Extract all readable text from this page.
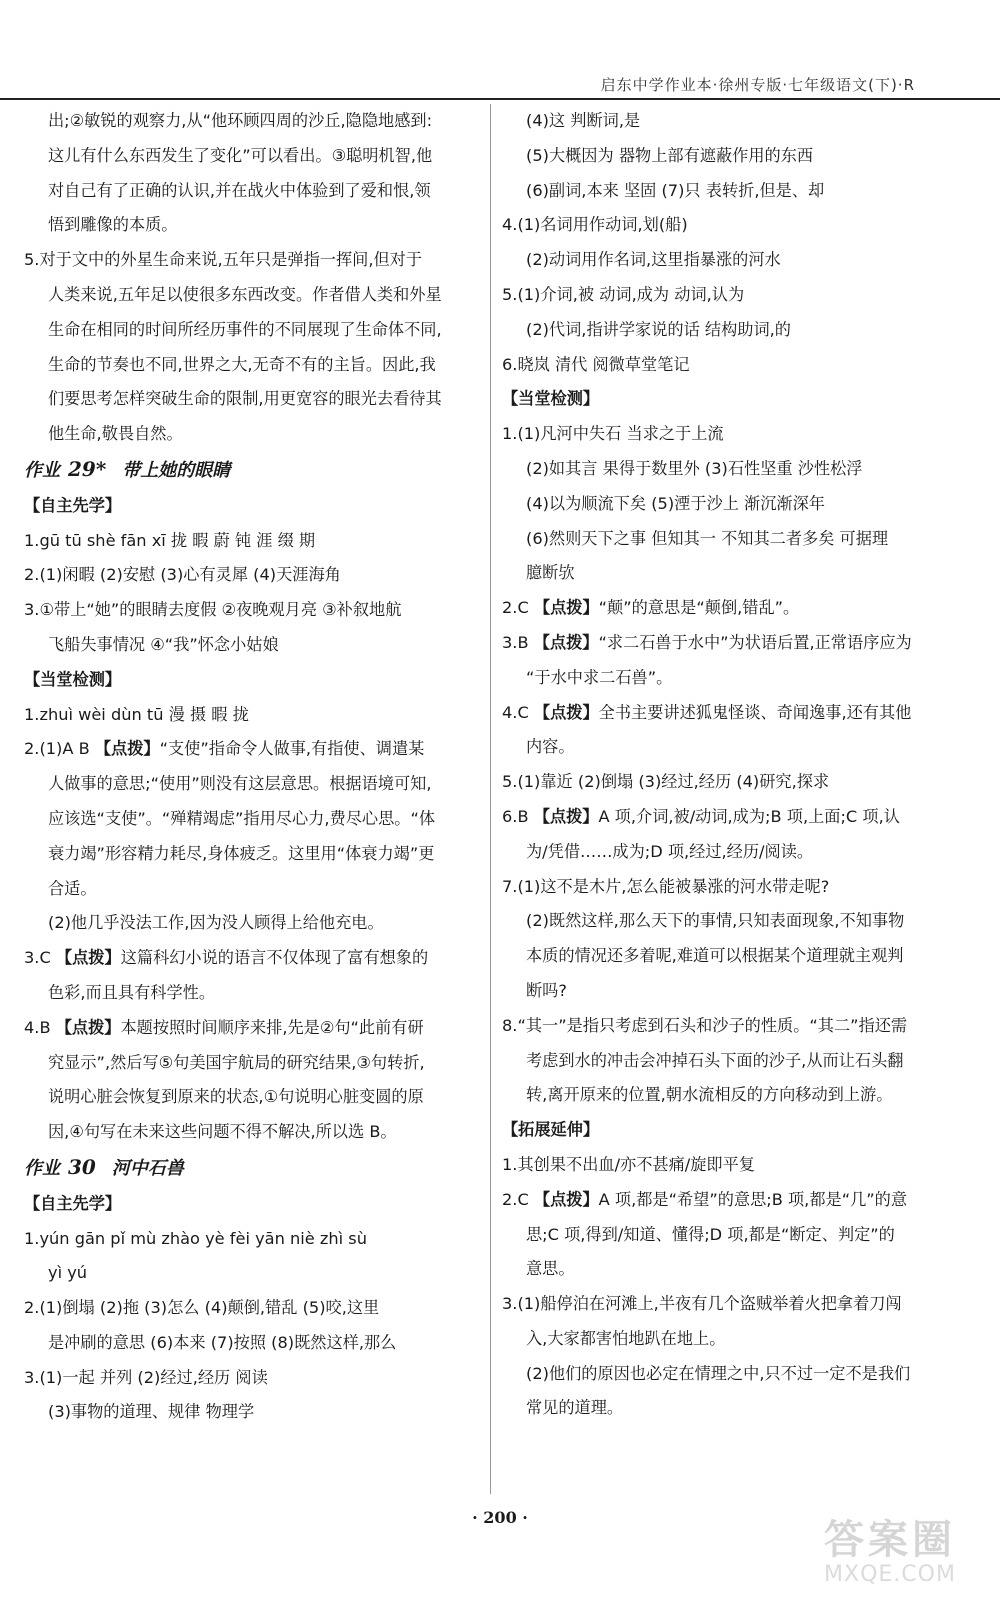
启东中学作业本·徐州专版·七年级语文(下)·R
出;②敏锐的观察力,从“他环顾四周的沙丘,隐隐地感到:
这儿有什么东西发生了变化”可以看出。③聪明机智,他
对自己有了正确的认识,并在战火中体验到了爱和恨,领
悟到雕像的本质。
5.对于文中的外星生命来说,五年只是弹指一挥间,但对于
人类来说,五年足以使很多东西改变。作者借人类和外星
生命在相同的时间所经历事件的不同展现了生命体不同,
生命的节奏也不同,世界之大,无奇不有的主旨。因此,我
们要思考怎样突破生命的限制,用更宽容的眼光去看待其
他生命,敬畏自然。
作业 29* 带上她的眼睛
【自主先学】
1.gū tū shè fān xī 拢 暇 蔚 钝 涯 缀 期
2.(1)闲暇 (2)安慰 (3)心有灵犀 (4)天涯海角
3.①带上“她”的眼睛去度假 ②夜晚观月亮 ③补叙地航
飞船失事情况 ④“我”怀念小姑娘
【当堂检测】
1.zhuì wèi dùn tū 漫 摄 暇 拢
2.(1)A B 【点拨】“支使”指命令人做事,有指使、调遣某
人做事的意思;“使用”则没有这层意思。根据语境可知,
应该选“支使”。“殚精竭虑”指用尽心力,费尽心思。“体
衰力竭”形容精力耗尽,身体疲乏。这里用“体衰力竭”更
合适。
(2)他几乎没法工作,因为没人顾得上给他充电。
3.C 【点拨】这篇科幻小说的语言不仅体现了富有想象的
色彩,而且具有科学性。
4.B 【点拨】本题按照时间顺序来排,先是②句“此前有研
究显示”,然后写⑤句美国宇航局的研究结果,③句转折,
说明心脏会恢复到原来的状态,①句说明心脏变圆的原
因,④句写在未来这些问题不得不解决,所以选 B。
作业 30 河中石兽
【自主先学】
1.yún gān pǐ mù zhào yè fèi yān niè zhì sù
yì yú
2.(1)倒塌 (2)拖 (3)怎么 (4)颠倒,错乱 (5)咬,这里
是冲刷的意思 (6)本来 (7)按照 (8)既然这样,那么
3.(1)一起 并列 (2)经过,经历 阅读
(3)事物的道理、规律 物理学
(4)这 判断词,是
(5)大概因为 器物上部有遮蔽作用的东西
(6)副词,本来 坚固 (7)只 表转折,但是、却
4.(1)名词用作动词,划(船)
(2)动词用作名词,这里指暴涨的河水
5.(1)介词,被 动词,成为 动词,认为
(2)代词,指讲学家说的话 结构助词,的
6.晓岚 清代 阅微草堂笔记
【当堂检测】
1.(1)凡河中失石 当求之于上流
(2)如其言 果得于数里外 (3)石性坚重 沙性松浮
(4)以为顺流下矣 (5)湮于沙上 渐沉渐深年
(6)然则天下之事 但知其一 不知其二者多矣 可据理
臆断欤
2.C 【点拨】“颠”的意思是“颠倒,错乱”。
3.B 【点拨】“求二石兽于水中”为状语后置,正常语序应为
“于水中求二石兽”。
4.C 【点拨】全书主要讲述狐鬼怪谈、奇闻逸事,还有其他
内容。
5.(1)靠近 (2)倒塌 (3)经过,经历 (4)研究,探求
6.B 【点拨】A 项,介词,被/动词,成为;B 项,上面;C 项,认
为/凭借……成为;D 项,经过,经历/阅读。
7.(1)这不是木片,怎么能被暴涨的河水带走呢?
(2)既然这样,那么天下的事情,只知表面现象,不知事物
本质的情况还多着呢,难道可以根据某个道理就主观判
断吗?
8.“其一”是指只考虑到石头和沙子的性质。“其二”指还需
考虑到水的冲击会冲掉石头下面的沙子,从而让石头翻
转,离开原来的位置,朝水流相反的方向移动到上游。
【拓展延伸】
1.其创果不出血/亦不甚痛/旋即平复
2.C 【点拨】A 项,都是“希望”的意思;B 项,都是“几”的意
思;C 项,得到/知道、懂得;D 项,都是“断定、判定”的
意思。
3.(1)船停泊在河滩上,半夜有几个盗贼举着火把拿着刀闯
入,大家都害怕地趴在地上。
(2)他们的原因也必定在情理之中,只不过一定不是我们
常见的道理。
· 200 ·	答案圈
MXQE.COM
